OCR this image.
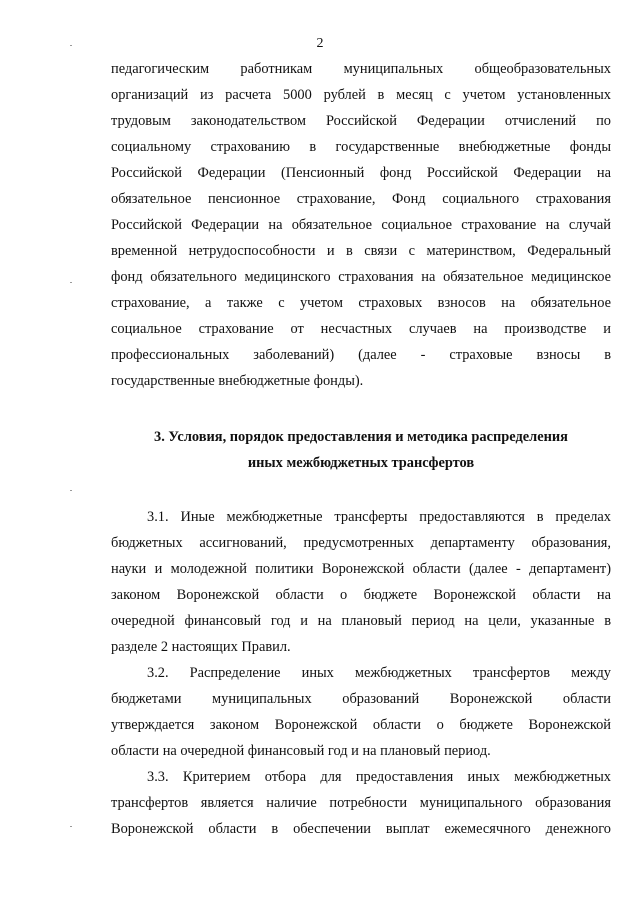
2
педагогическим работникам муниципальных общеобразовательных
организаций из расчета 5000 рублей в месяц с учетом установленных
трудовым законодательством Российской Федерации отчислений по
социальному страхованию в государственные внебюджетные фонды
Российской Федерации (Пенсионный фонд Российской Федерации на
обязательное пенсионное страхование, Фонд социального страхования
Российской Федерации на обязательное социальное страхование на случай
временной нетрудоспособности и в связи с материнством, Федеральный
фонд обязательного медицинского страхования на обязательное медицинское
страхование, а также с учетом страховых взносов на обязательное
социальное страхование от несчастных случаев на производстве и
профессиональных заболеваний) (далее - страховые взносы в
государственные внебюджетные фонды).
3. Условия, порядок предоставления и методика распределения
иных межбюджетных трансфертов
3.1. Иные межбюджетные трансферты предоставляются в пределах
бюджетных ассигнований, предусмотренных департаменту образования,
науки и молодежной политики Воронежской области (далее - департамент)
законом Воронежской области о бюджете Воронежской области на
очередной финансовый год и на плановый период на цели, указанные в
разделе 2 настоящих Правил.
3.2. Распределение иных межбюджетных трансфертов между
бюджетами муниципальных образований Воронежской области
утверждается законом Воронежской области о бюджете Воронежской
области на очередной финансовый год и на плановый период.
3.3. Критерием отбора для предоставления иных межбюджетных
трансфертов является наличие потребности муниципального образования
Воронежской области в обеспечении выплат ежемесячного денежного
